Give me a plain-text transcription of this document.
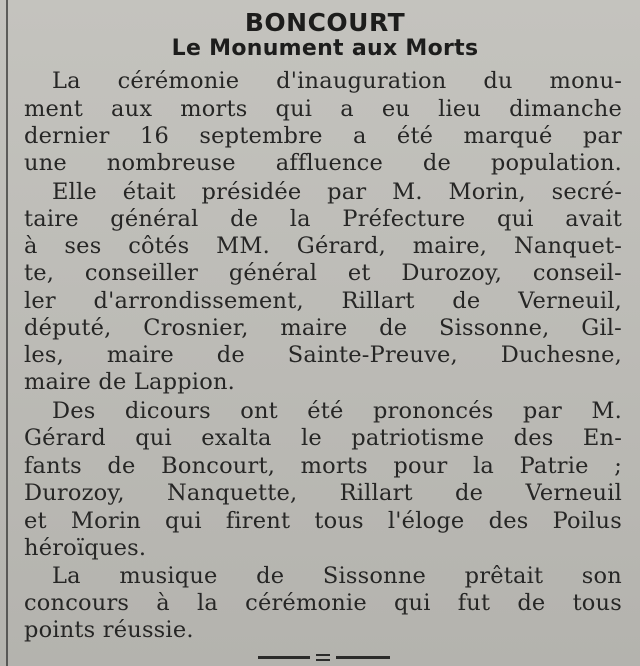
BONCOURT
Le Monument aux Morts
La cérémonie d'inauguration du monu-
ment aux morts qui a eu lieu dimanche
dernier 16 septembre a été marqué par
une nombreuse affluence de population.
Elle était présidée par M. Morin, secré-
taire général de la Préfecture qui avait
à ses côtés MM. Gérard, maire, Nanquet-
te, conseiller général et Durozoy, conseil-
ler d'arrondissement, Rillart de Verneuil,
député, Crosnier, maire de Sissonne, Gil-
les, maire de Sainte-Preuve, Duchesne,
maire de Lappion.
Des dicours ont été prononcés par M.
Gérard qui exalta le patriotisme des En-
fants de Boncourt, morts pour la Patrie ;
Durozoy, Nanquette, Rillart de Verneuil
et Morin qui firent tous l'éloge des Poilus
héroïques.
La musique de Sissonne prêtait son
concours à la cérémonie qui fut de tous
points réussie.
